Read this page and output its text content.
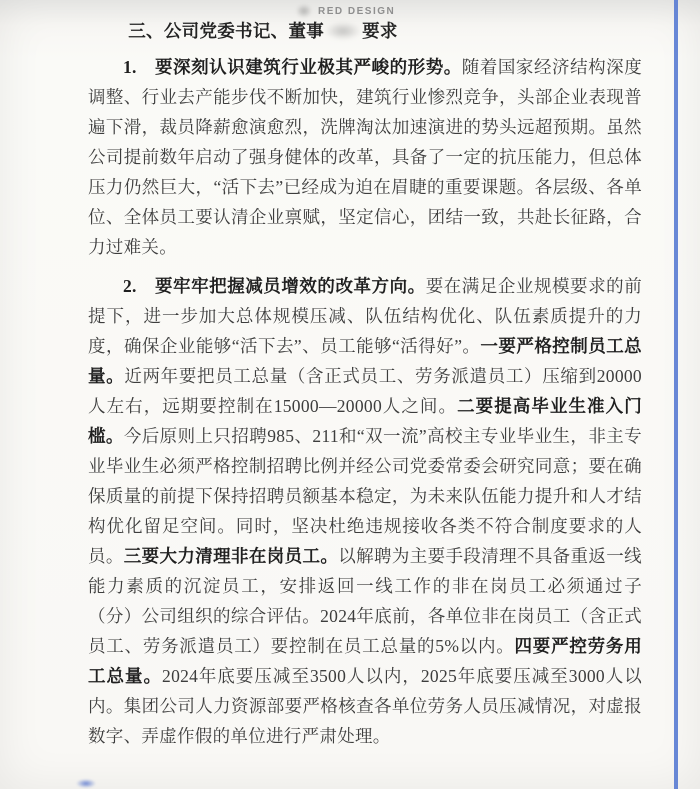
RED DESIGN
三、公司党委书记、董事 要求

1.　要深刻认识建筑行业极其严峻的形势。随着国家经济结构深度调整、行业去产能步伐不断加快，建筑行业惨烈竞争，头部企业表现普遍下滑，裁员降薪愈演愈烈，洗牌淘汰加速演进的势头远超预期。虽然公司提前数年启动了强身健体的改革，具备了一定的抗压能力，但总体压力仍然巨大，“活下去”已经成为迫在眉睫的重要课题。各层级、各单位、全体员工要认清企业禀赋，坚定信心，团结一致，共赴长征路，合力过难关。

2.　要牢牢把握减员增效的改革方向。要在满足企业规模要求的前提下，进一步加大总体规模压减、队伍结构优化、队伍素质提升的力度，确保企业能够“活下去”、员工能够“活得好”。一要严格控制员工总量。近两年要把员工总量（含正式员工、劳务派遣员工）压缩到20000人左右，远期要控制在15000—20000人之间。二要提高毕业生准入门槛。今后原则上只招聘985、211和“双一流”高校主专业毕业生，非主专业毕业生必须严格控制招聘比例并经公司党委常委会研究同意；要在确保质量的前提下保持招聘员额基本稳定，为未来队伍能力提升和人才结构优化留足空间。同时，坚决杜绝违规接收各类不符合制度要求的人员。三要大力清理非在岗员工。以解聘为主要手段清理不具备重返一线能力素质的沉淀员工，安排返回一线工作的非在岗员工必须通过子（分）公司组织的综合评估。2024年底前，各单位非在岗员工（含正式员工、劳务派遣员工）要控制在员工总量的5%以内。四要严控劳务用工总量。2024年底要压减至3500人以内，2025年底要压减至3000人以内。集团公司人力资源部要严格核查各单位劳务人员压减情况，对虚报数字、弄虚作假的单位进行严肃处理。
